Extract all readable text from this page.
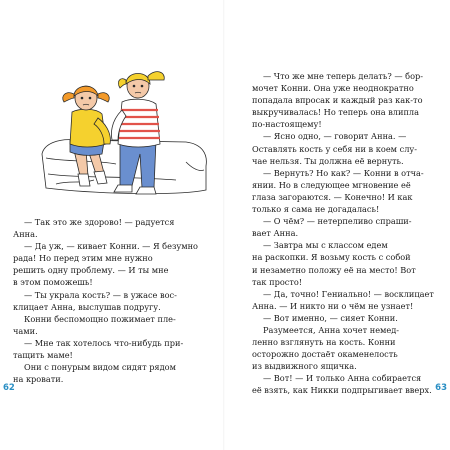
— Так это же здорово! — радуется

Анна.

— Да уж, — кивает Конни. — Я безумно рада! Но перед этим мне нужно

решить одну проблему. — И ты мне

в этом поможешь!

— Ты украла кость? — в ужасе вос-

клицает Анна, выслушав подругу.

Конни беспомощно пожимает пле-

чами.

— Мне так хотелось что-нибудь при-

тащить маме!

Они с понурым видом сидят рядом

на кровати.

62

— Что же мне теперь делать? — бор-

мочет Конни. Она уже неоднократно

попадала впросак и каждый раз как-то

выкручивалась! Но теперь она влипла

по-настоящему!

— Ясно одно, — говорит Анна. —

Оставлять кость у себя ни в коем слу-

чае нельзя. Ты должна её вернуть.

— Вернуть? Но как? — Конни в отча-

янии. Но в следующее мгновение её

глаза загораются. — Конечно! И как

только я сама не догадалась!

— О чём? — нетерпеливо спраши-

вает Анна.

— Завтра мы с классом едем

на раскопки. Я возьму кость с собой

и незаметно положу её на место! Вот

так просто!

— Да, точно! Гениально! — восклицает

Анна. — И никто ни о чём не узнает!

— Вот именно, — сияет Конни.

Разумеется, Анна хочет немед-

ленно взглянуть на кость. Конни

осторожно достаёт окаменелость

из выдвижного ящичка.

— Вот! — И только Анна собирается

её взять, как Никки подпрыгивает вверх. 63
